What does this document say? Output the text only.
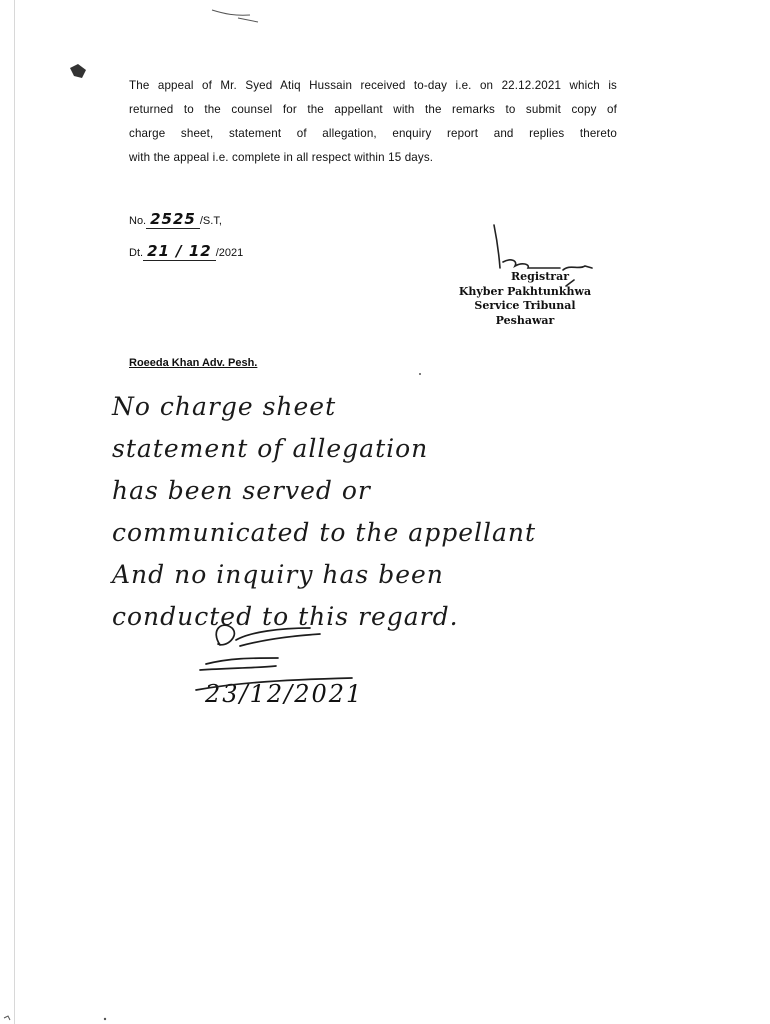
The appeal of Mr. Syed Atiq Hussain received to-day i.e. on 22.12.2021 which is
returned to the counsel for the appellant with the remarks to submit copy of
charge sheet, statement of allegation, enquiry report and replies thereto
with the appeal i.e. complete in all respect within 15 days.
No. 2525 /S.T,
Dt. 21 / 12 /2021
Registrar
Khyber Pakhtunkhwa
Service Tribunal
Peshawar
Roeeda Khan Adv. Pesh.
No charge sheet
statement of allegation
has been served or
communicated to the appellant
And no inquiry has been
conducted to this regard.
23/12/2021
